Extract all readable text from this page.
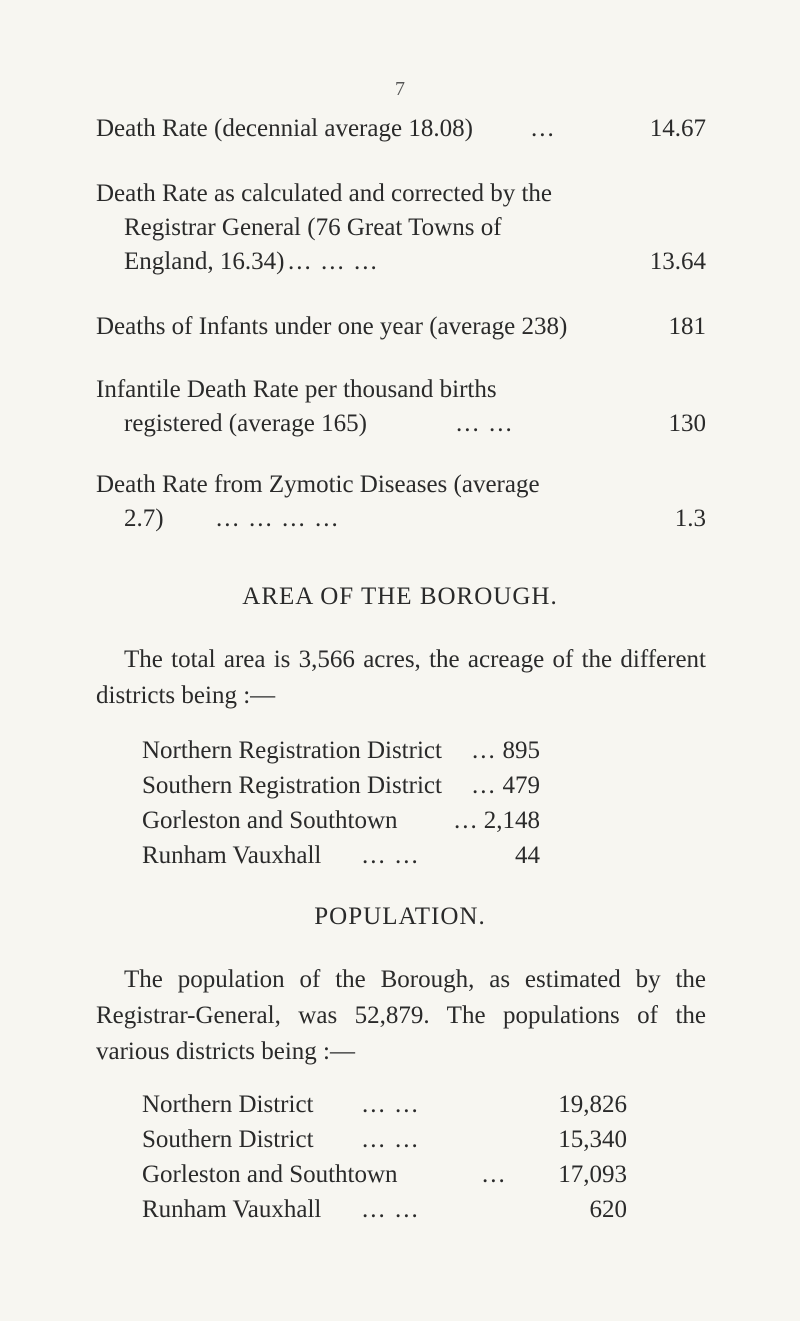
7
Death Rate (decennial average 18.08)	...	14.67
Death Rate as calculated and corrected by the
Registrar General (76 Great Towns of
England, 16.34) ... ... ...	13.64
Deaths of Infants under one year (average 238)	181
Infantile Death Rate per thousand births
registered (average 165)	... ...	130
Death Rate from Zymotic Diseases (average
2.7)	... ... ... ...	1.3
AREA OF THE BOROUGH.
The total area is 3,566 acres, the acreage of the different districts being :—
Northern Registration District ... 895
Southern Registration District ... 479
Gorleston and Southtown ... 2,148
Runham Vauxhall ... ...	44
POPULATION.
The population of the Borough, as estimated by the Registrar-General, was 52,879. The populations of the various districts being :—
Northern District ... ...	19,826
Southern District ... ...	15,340
Gorleston and Southtown	... 17,093
Runham Vauxhall ... ...	620
